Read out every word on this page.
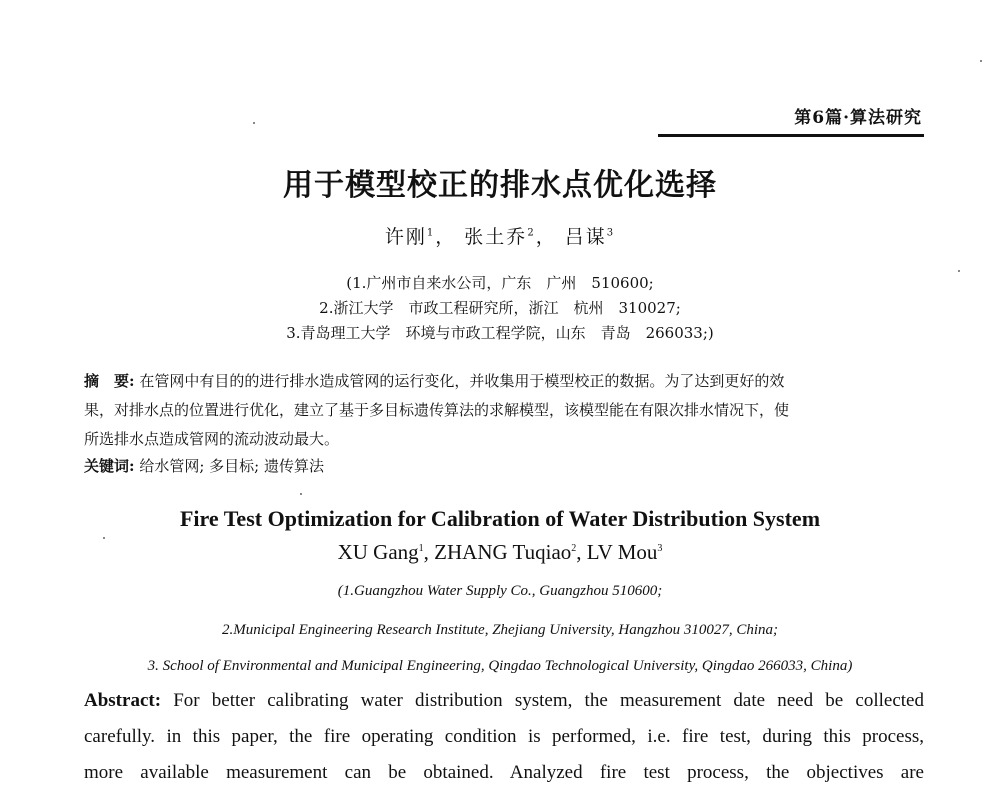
第6篇·算法研究
用于模型校正的排水点优化选择
许刚$^1$， 张土乔$^2$， 吕谋$^3$
(1.广州市自来水公司，广东　广州　510600;
2.浙江大学　市政工程研究所，浙江　杭州　310027;
3.青岛理工大学　环境与市政工程学院，山东　青岛　266033;)
摘　要: 在管网中有目的的进行排水造成管网的运行变化，并收集用于模型校正的数据。为了达到更好的效
果，对排水点的位置进行优化，建立了基于多目标遗传算法的求解模型，该模型能在有限次排水情况下，使
所选排水点造成管网的流动波动最大。
关键词: 给水管网; 多目标; 遗传算法
Fire Test Optimization for Calibration of Water Distribution System
XU Gang$^1$, ZHANG Tuqiao$^2$, LV Mou$^3$
(1.Guangzhou Water Supply Co., Guangzhou 510600;
2.Municipal Engineering Research Institute, Zhejiang University, Hangzhou 310027, China;
3. School of Environmental and Municipal Engineering, Qingdao Technological University, Qingdao 266033, China)
Abstract: For better calibrating water distribution system, the measurement date need be collected
carefully. in this paper, the fire operating condition is performed, i.e. fire test, during this process,
more available measurement can be obtained. Analyzed fire test process, the objectives are
